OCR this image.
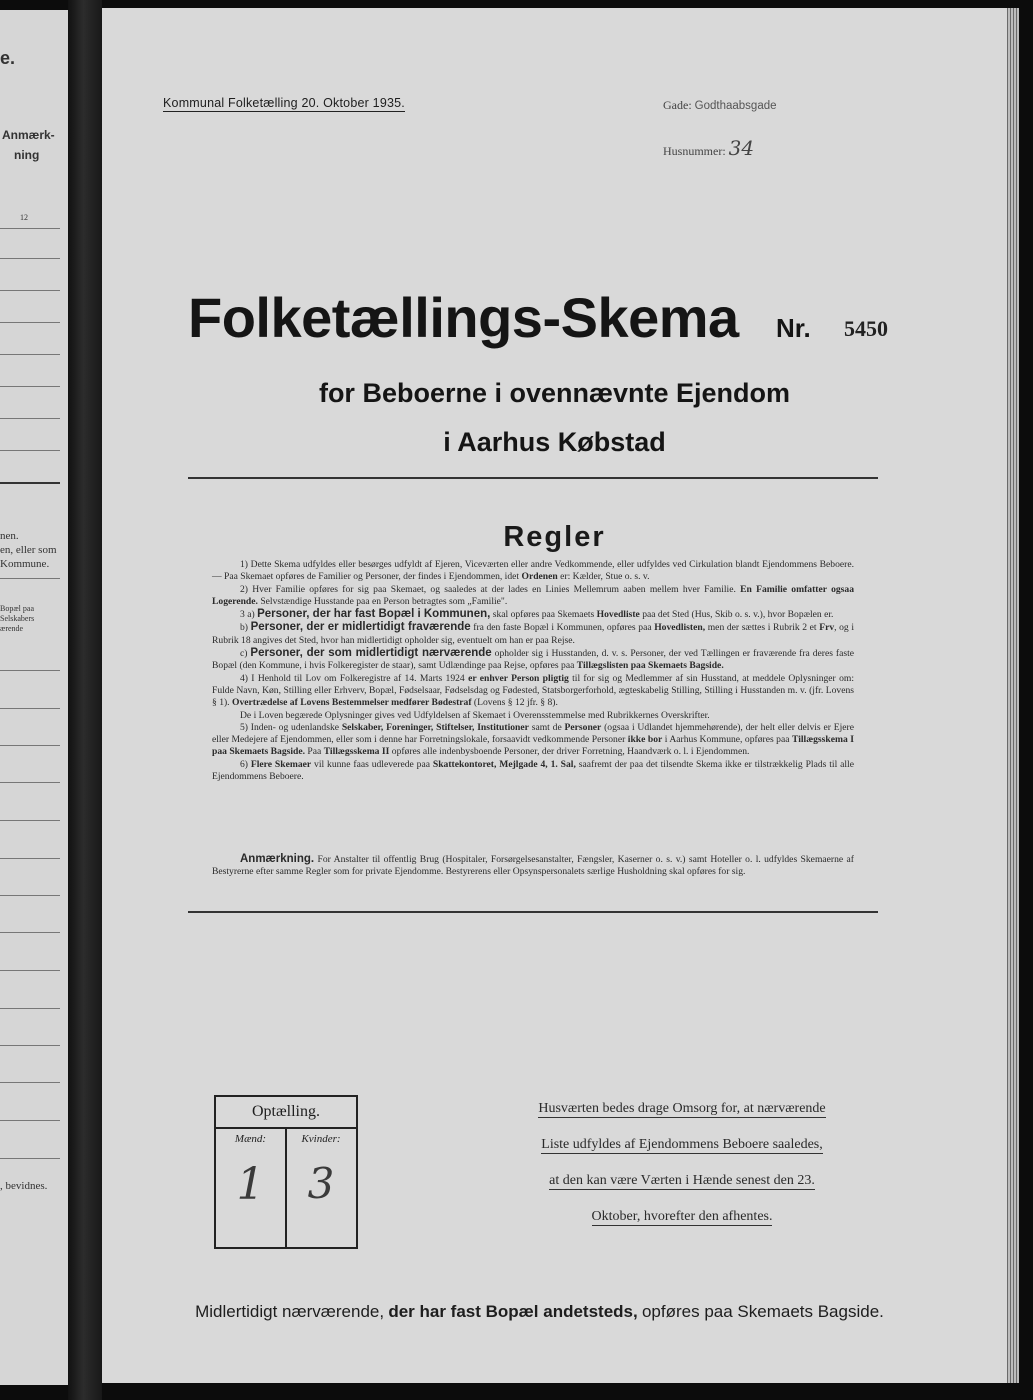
e.
Anmærk-
ning
12
nen.
en, eller som
Kommune.
Bopæl paa
Selskabers
ærende
, bevidnes.
Kommunal Folketælling 20. Oktober 1935.	Gade: Godthaabsgade
Husnummer: 34
Folketællings-Skema Nr. 5450
for Beboerne i ovennævnte Ejendom
i Aarhus Købstad
Regler

1) Dette Skema udfyldes eller besørges udfyldt af Ejeren, Viceværten eller andre Vedkommende, eller udfyldes ved Cirkulation blandt Ejendommens Beboere. — Paa Skemaet opføres de Familier og Personer, der findes i Ejendommen, idet Ordenen er: Kælder, Stue o. s. v.

2) Hver Familie opføres for sig paa Skemaet, og saaledes at der lades en Linies Mellemrum aaben mellem hver Familie. En Familie omfatter ogsaa Logerende. Selvstændige Husstande paa en Person betragtes som „Familie".

3 a) Personer, der har fast Bopæl i Kommunen, skal opføres paa Skemaets Hovedliste paa det Sted (Hus, Skib o. s. v.), hvor Bopælen er.

b) Personer, der er midlertidigt fraværende fra den faste Bopæl i Kommunen, opføres paa Hovedlisten, men der sættes i Rubrik 2 et Frv, og i Rubrik 18 angives det Sted, hvor han midlertidigt opholder sig, eventuelt om han er paa Rejse.

c) Personer, der som midlertidigt nærværende opholder sig i Husstanden, d. v. s. Personer, der ved Tællingen er fraværende fra deres faste Bopæl (den Kommune, i hvis Folkeregister de staar), samt Udlændinge paa Rejse, opføres paa Tillægslisten paa Skemaets Bagside.

4) I Henhold til Lov om Folkeregistre af 14. Marts 1924 er enhver Person pligtig til for sig og Medlemmer af sin Husstand, at meddele Oplysninger om: Fulde Navn, Køn, Stilling eller Erhverv, Bopæl, Fødselsaar, Fødselsdag og Fødested, Statsborgerforhold, ægteskabelig Stilling, Stilling i Husstanden m. v. (jfr. Lovens § 1). Overtrædelse af Lovens Bestemmelser medfører Bødestraf (Lovens § 12 jfr. § 8).

De i Loven begærede Oplysninger gives ved Udfyldelsen af Skemaet i Overensstemmelse med Rubrikkernes Overskrifter.

5) Inden- og udenlandske Selskaber, Foreninger, Stiftelser, Institutioner samt de Personer (ogsaa i Udlandet hjemmehørende), der helt eller delvis er Ejere eller Medejere af Ejendommen, eller som i denne har Forretningslokale, forsaavidt vedkommende Personer ikke bor i Aarhus Kommune, opføres paa Tillægsskema I paa Skemaets Bagside. Paa Tillægsskema II opføres alle indenbysboende Personer, der driver Forretning, Haandværk o. l. i Ejendommen.

6) Flere Skemaer vil kunne faas udleverede paa Skattekontoret, Mejlgade 4, 1. Sal, saafremt der paa det tilsendte Skema ikke er tilstrækkelig Plads til alle Ejendommens Beboere.

Anmærkning. For Anstalter til offentlig Brug (Hospitaler, Forsørgelsesanstalter, Fængsler, Kaserner o. s. v.) samt Hoteller o. l. udfyldes Skemaerne af Bestyrerne efter samme Regler som for private Ejendomme. Bestyrerens eller Opsynspersonalets særlige Husholdning skal opføres for sig.

Optælling.
Mænd:	Kvinder:
1	3
Husværten bedes drage Omsorg for, at nærværende
Liste udfyldes af Ejendommens Beboere saaledes,
at den kan være Værten i Hænde senest den 23.
Oktober, hvorefter den afhentes.
Midlertidigt nærværende, der har fast Bopæl andetsteds, opføres paa Skemaets Bagside.
